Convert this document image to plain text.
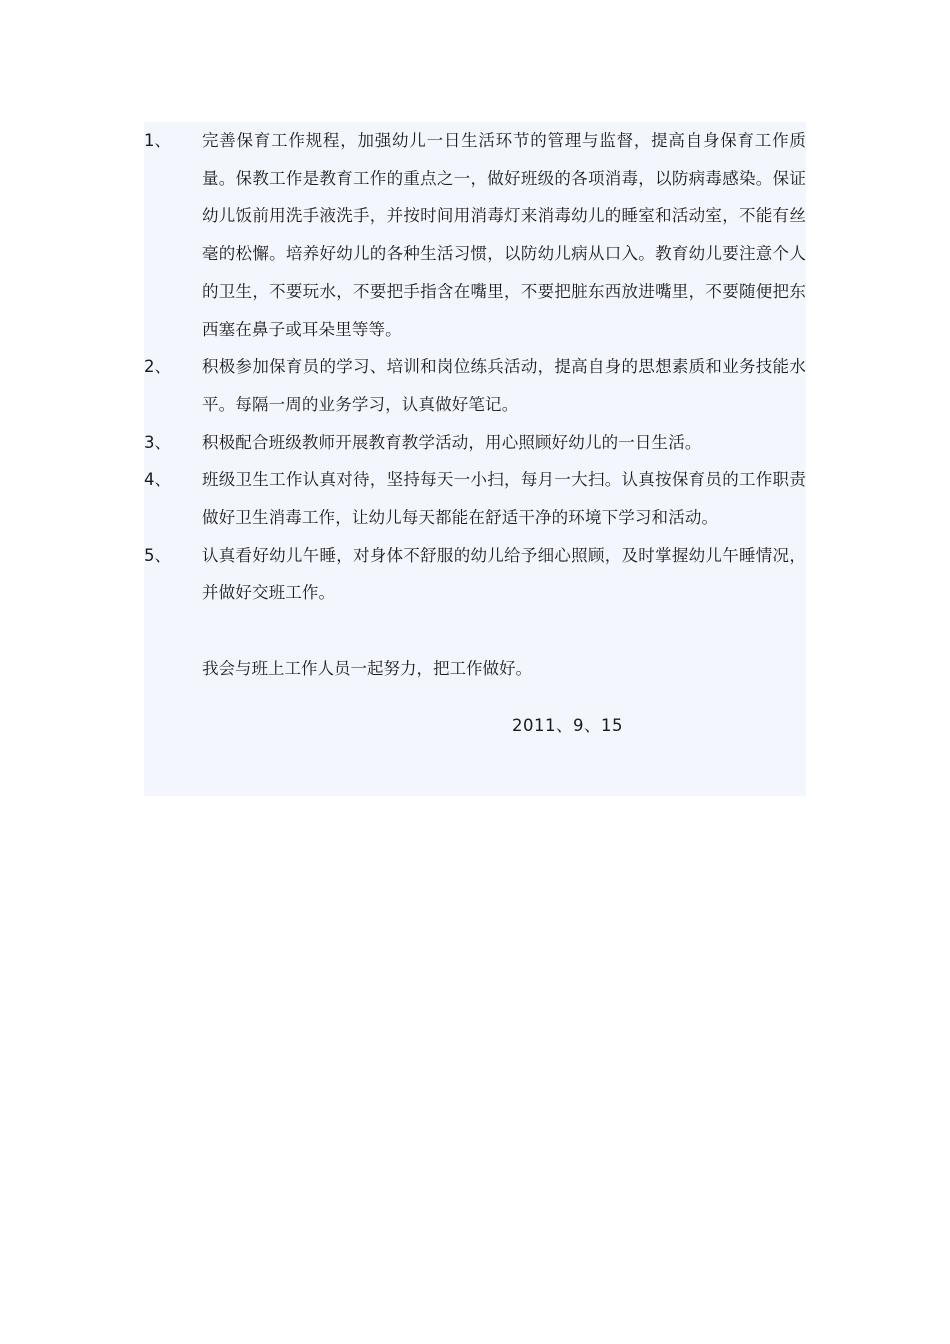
1、 完善保育工作规程，加强幼儿一日生活环节的管理与监督，提高自身保育工作质量。保教工作是教育工作的重点之一，做好班级的各项消毒，以防病毒感染。保证幼儿饭前用洗手液洗手，并按时间用消毒灯来消毒幼儿的睡室和活动室，不能有丝毫的松懈。培养好幼儿的各种生活习惯，以防幼儿病从口入。教育幼儿要注意个人的卫生，不要玩水，不要把手指含在嘴里，不要把脏东西放进嘴里，不要随便把东西塞在鼻子或耳朵里等等。
2、 积极参加保育员的学习、培训和岗位练兵活动，提高自身的思想素质和业务技能水平。每隔一周的业务学习，认真做好笔记。
3、 积极配合班级教师开展教育教学活动，用心照顾好幼儿的一日生活。
4、 班级卫生工作认真对待，坚持每天一小扫，每月一大扫。认真按保育员的工作职责做好卫生消毒工作，让幼儿每天都能在舒适干净的环境下学习和活动。
5、 认真看好幼儿午睡，对身体不舒服的幼儿给予细心照顾，及时掌握幼儿午睡情况，并做好交班工作。
我会与班上工作人员一起努力，把工作做好。
2011、9、15
